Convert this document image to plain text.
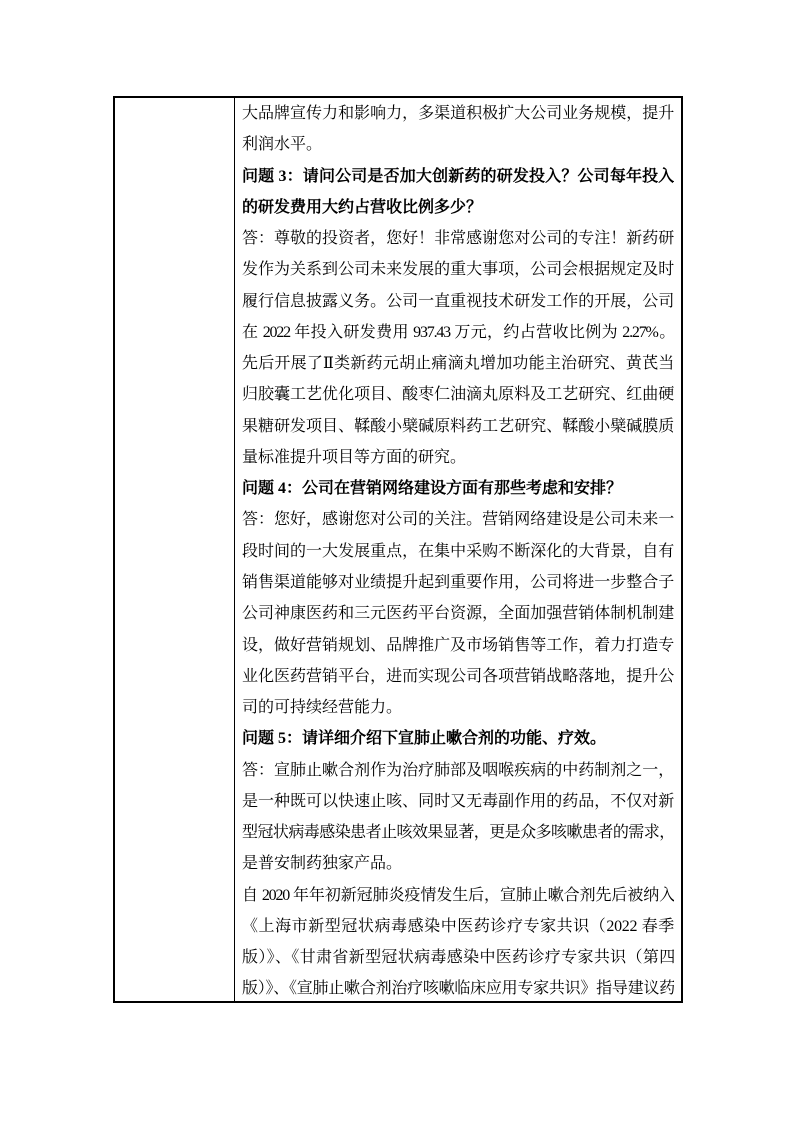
大品牌宣传力和影响力，多渠道积极扩大公司业务规模，提升
利润水平。
问题 3：请问公司是否加大创新药的研发投入？公司每年投入
的研发费用大约占营收比例多少？
答：尊敬的投资者，您好！非常感谢您对公司的专注！新药研
发作为关系到公司未来发展的重大事项，公司会根据规定及时
履行信息披露义务。公司一直重视技术研发工作的开展，公司
在 2022 年投入研发费用 937.43 万元，约占营收比例为 2.27%。
先后开展了Ⅱ类新药元胡止痛滴丸增加功能主治研究、黄芪当
归胶囊工艺优化项目、酸枣仁油滴丸原料及工艺研究、红曲硬
果糖研发项目、鞣酸小檗碱原料药工艺研究、鞣酸小檗碱膜质
量标准提升项目等方面的研究。
问题 4：公司在营销网络建设方面有那些考虑和安排？
答：您好，感谢您对公司的关注。营销网络建设是公司未来一
段时间的一大发展重点，在集中采购不断深化的大背景，自有
销售渠道能够对业绩提升起到重要作用，公司将进一步整合子
公司神康医药和三元医药平台资源，全面加强营销体制机制建
设，做好营销规划、品牌推广及市场销售等工作，着力打造专
业化医药营销平台，进而实现公司各项营销战略落地，提升公
司的可持续经营能力。
问题 5：请详细介绍下宣肺止嗽合剂的功能、疗效。
答：宣肺止嗽合剂作为治疗肺部及咽喉疾病的中药制剂之一，
是一种既可以快速止咳、同时又无毒副作用的药品，不仅对新
型冠状病毒感染患者止咳效果显著，更是众多咳嗽患者的需求，
是普安制药独家产品。
自 2020 年年初新冠肺炎疫情发生后，宣肺止嗽合剂先后被纳入
《上海市新型冠状病毒感染中医药诊疗专家共识（2022 春季
版）》、《甘肃省新型冠状病毒感染中医药诊疗专家共识（第四
版）》、《宣肺止嗽合剂治疗咳嗽临床应用专家共识》指导建议药
